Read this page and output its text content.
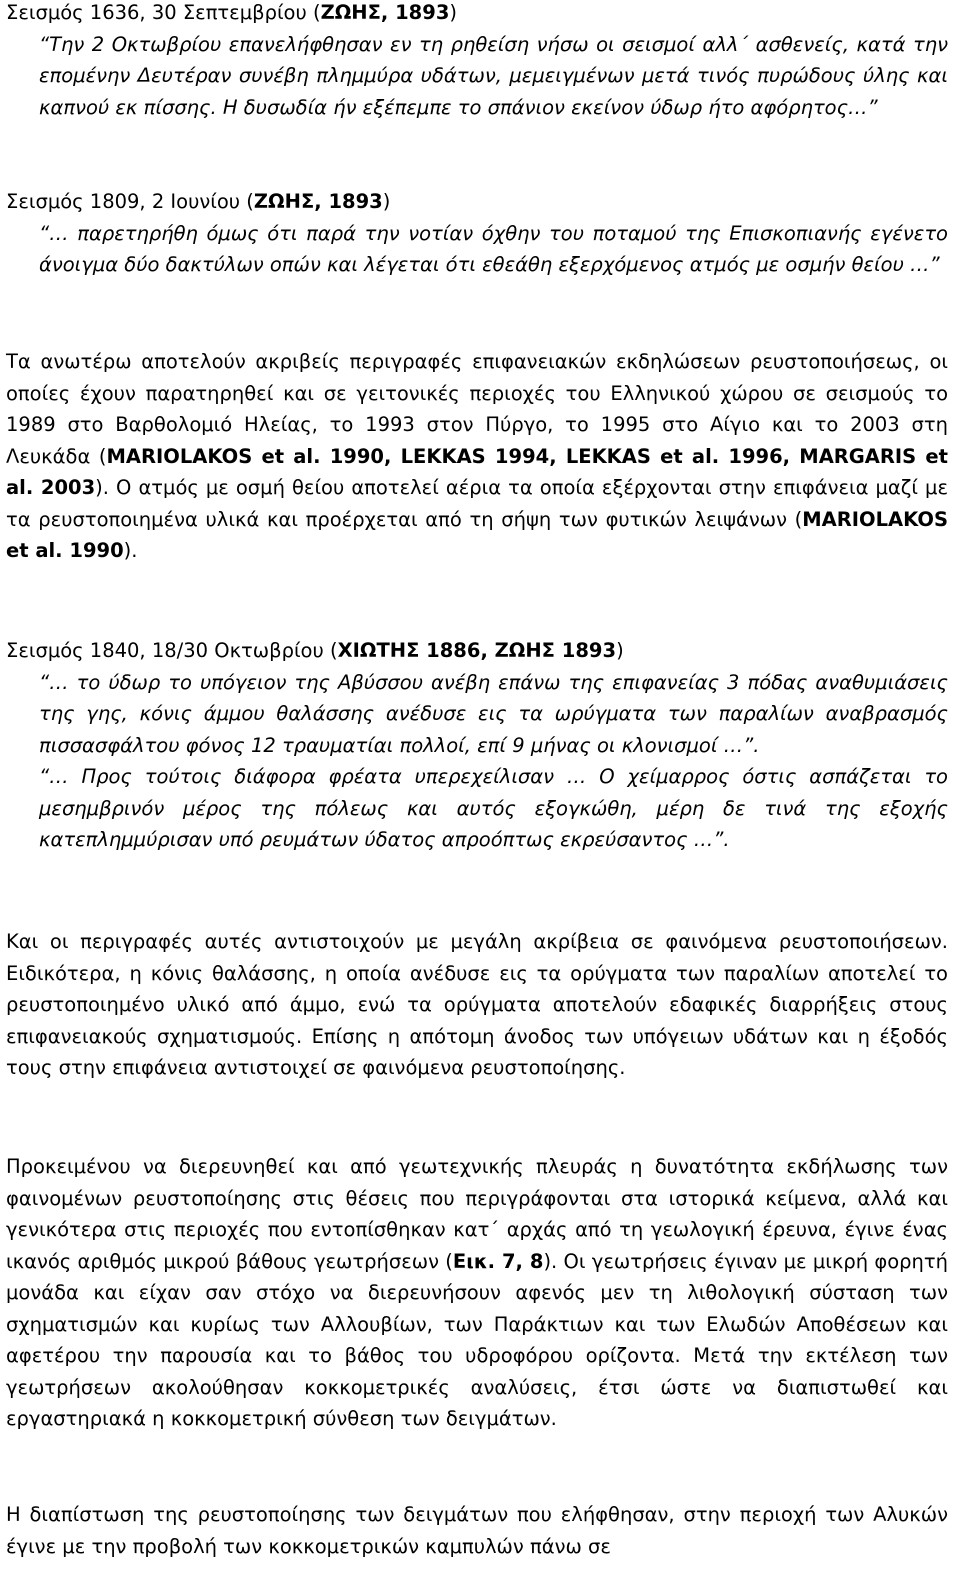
Σεισμός 1636, 30 Σεπτεμβρίου (ΖΩΗΣ, 1893)

“Την 2 Οκτωβρίου επανελήφθησαν εν τη ρηθείση νήσω οι σεισμοί αλλ΄ ασθενείς, κατά την επομένην Δευτέραν συνέβη πλημμύρα υδάτων, μεμειγμένων μετά τινός πυρώδους ύλης και καπνού εκ πίσσης. Η δυσωδία ήν εξέπεμπε το σπάνιον εκείνον ύδωρ ήτο αφόρητος…”

Σεισμός 1809, 2 Ιουνίου (ΖΩΗΣ, 1893)

“… παρετηρήθη όμως ότι παρά την νοτίαν όχθην του ποταμού της Επισκοπιανής εγένετο άνοιγμα δύο δακτύλων οπών και λέγεται ότι εθεάθη εξερχόμενος ατμός με οσμήν θείου …”

Τα ανωτέρω αποτελούν ακριβείς περιγραφές επιφανειακών εκδηλώσεων ρευστοποιήσεως, οι οποίες έχουν παρατηρηθεί και σε γειτονικές περιοχές του Ελληνικού χώρου σε σεισμούς το 1989 στο Βαρθολομιό Ηλείας, το 1993 στον Πύργο, το 1995 στο Αίγιο και το 2003 στη Λευκάδα (MARIOLAKOS et al. 1990, LEKKAS 1994, LEKKAS et al. 1996, MARGARIS et al. 2003). Ο ατμός με οσμή θείου αποτελεί αέρια τα οποία εξέρχονται στην επιφάνεια μαζί με τα ρευστοποιημένα υλικά και προέρχεται από τη σήψη των φυτικών λειψάνων (MARIOLAKOS et al. 1990).

Σεισμός 1840, 18/30 Οκτωβρίου (ΧΙΩΤΗΣ 1886, ΖΩΗΣ 1893)

“… το ύδωρ το υπόγειον της Αβύσσου ανέβη επάνω της επιφανείας 3 πόδας αναθυμιάσεις της γης, κόνις άμμου θαλάσσης ανέδυσε εις τα ωρύγματα των παραλίων αναβρασμός πισσασφάλτου φόνος 12 τραυματίαι πολλοί, επί 9 μήνας οι κλονισμοί …”.

“… Προς τούτοις διάφορα φρέατα υπερεχείλισαν … Ο χείμαρρος όστις ασπάζεται το μεσημβρινόν μέρος της πόλεως και αυτός εξογκώθη, μέρη δε τινά της εξοχής κατεπλημμύρισαν υπό ρευμάτων ύδατος απροόπτως εκρεύσαντος …”.

Και οι περιγραφές αυτές αντιστοιχούν με μεγάλη ακρίβεια σε φαινόμενα ρευστοποιήσεων. Ειδικότερα, η κόνις θαλάσσης, η οποία ανέδυσε εις τα ορύγματα των παραλίων αποτελεί το ρευστοποιημένο υλικό από άμμο, ενώ τα ορύγματα αποτελούν εδαφικές διαρρήξεις στους επιφανειακούς σχηματισμούς. Επίσης η απότομη άνοδος των υπόγειων υδάτων και η έξοδός τους στην επιφάνεια αντιστοιχεί σε φαινόμενα ρευστοποίησης.

Προκειμένου να διερευνηθεί και από γεωτεχνικής πλευράς η δυνατότητα εκδήλωσης των φαινομένων ρευστοποίησης στις θέσεις που περιγράφονται στα ιστορικά κείμενα, αλλά και γενικότερα στις περιοχές που εντοπίσθηκαν κατ΄ αρχάς από τη γεωλογική έρευνα, έγινε ένας ικανός αριθμός μικρού βάθους γεωτρήσεων (Εικ. 7, 8). Οι γεωτρήσεις έγιναν με μικρή φορητή μονάδα και είχαν σαν στόχο να διερευνήσουν αφενός μεν τη λιθολογική σύσταση των σχηματισμών και κυρίως των Αλλουβίων, των Παράκτιων και των Ελωδών Αποθέσεων και αφετέρου την παρουσία και το βάθος του υδροφόρου ορίζοντα. Μετά την εκτέλεση των γεωτρήσεων ακολούθησαν κοκκομετρικές αναλύσεις, έτσι ώστε να διαπιστωθεί και εργαστηριακά η κοκκομετρική σύνθεση των δειγμάτων.

Η διαπίστωση της ρευστοποίησης των δειγμάτων που ελήφθησαν, στην περιοχή των Αλυκών έγινε με την προβολή των κοκκομετρικών καμπυλών πάνω σε
